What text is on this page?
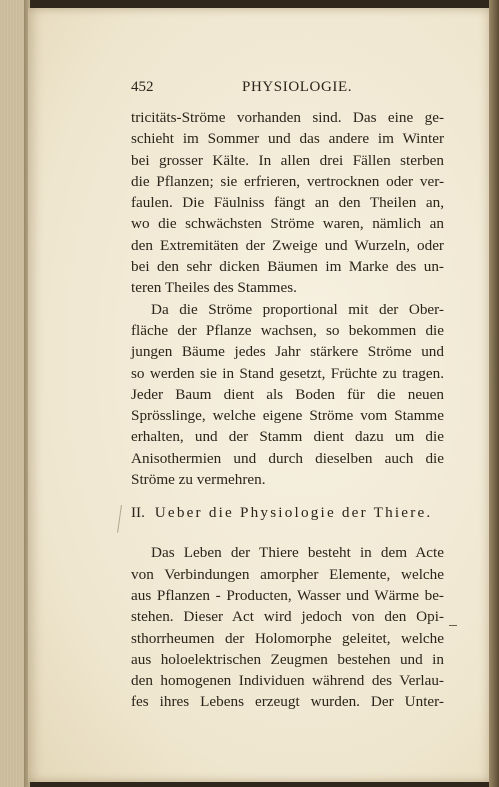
452	PHYSIOLOGIE.
tricitäts-Ströme vorhanden sind. Das eine ge-
schieht im Sommer und das andere im Winter
bei grosser Kälte. In allen drei Fällen sterben
die Pflanzen; sie erfrieren, vertrocknen oder ver-
faulen. Die Fäulniss fängt an den Theilen an,
wo die schwächsten Ströme waren, nämlich an
den Extremitäten der Zweige und Wurzeln, oder
bei den sehr dicken Bäumen im Marke des un-
teren Theiles des Stammes.
Da die Ströme proportional mit der Ober-
fläche der Pflanze wachsen, so bekommen die
jungen Bäume jedes Jahr stärkere Ströme und
so werden sie in Stand gesetzt, Früchte zu tragen.
Jeder Baum dient als Boden für die neuen
Sprösslinge, welche eigene Ströme vom Stamme
erhalten, und der Stamm dient dazu um die
Anisothermien und durch dieselben auch die
Ströme zu vermehren.
II. Ueber die Physiologie der Thiere.
Das Leben der Thiere besteht in dem Acte
von Verbindungen amorpher Elemente, welche
aus Pflanzen - Producten, Wasser und Wärme be-
stehen. Dieser Act wird jedoch von den Opi-
sthorrheumen der Holomorphe geleitet, welche
aus holoelektrischen Zeugmen bestehen und in
den homogenen Individuen während des Verlau-
fes ihres Lebens erzeugt wurden. Der Unter-
